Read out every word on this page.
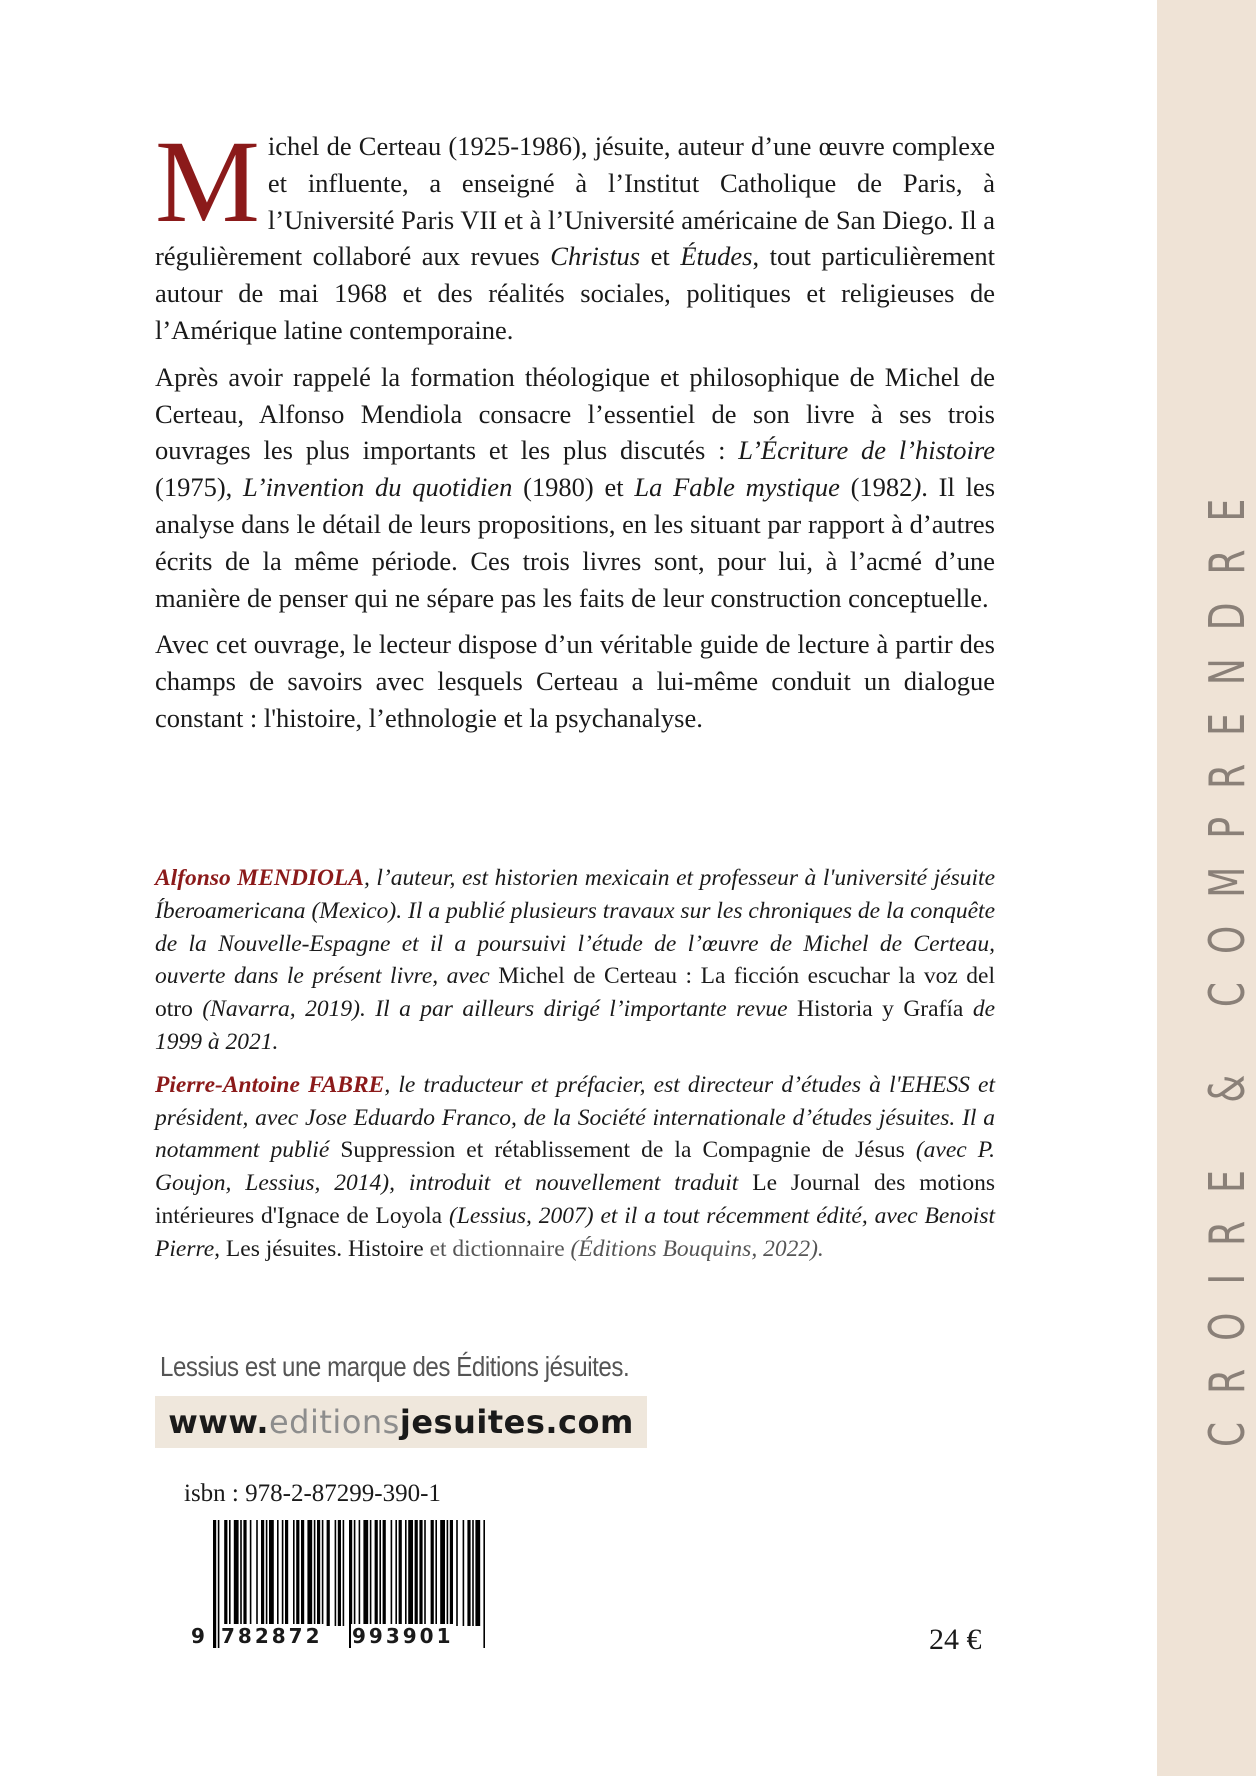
Michel de Certeau (1925-1986), jésuite, auteur d’une œuvre complexe et influente, a enseigné à l’Institut Catholique de Paris, à l’Université Paris VII et à l’Université américaine de San Diego. Il a régulièrement collaboré aux revues Christus et Études, tout particulièrement autour de mai 1968 et des réalités sociales, politiques et religieuses de l’Amérique latine contemporaine.

Après avoir rappelé la formation théologique et philosophique de Michel de Certeau, Alfonso Mendiola consacre l’essentiel de son livre à ses trois ouvrages les plus importants et les plus discutés : L’Écriture de l’histoire (1975), L’invention du quotidien (1980) et La Fable mystique (1982). Il les analyse dans le détail de leurs propositions, en les situant par rapport à d’autres écrits de la même période. Ces trois livres sont, pour lui, à l’acmé d’une manière de penser qui ne sépare pas les faits de leur construction conceptuelle.

Avec cet ouvrage, le lecteur dispose d’un véritable guide de lecture à partir des champs de savoirs avec lesquels Certeau a lui-même conduit un dialogue constant : l'histoire, l’ethnologie et la psychanalyse.

Alfonso MENDIOLA, l’auteur, est historien mexicain et professeur à l'université jésuite Íberoamericana (Mexico). Il a publié plusieurs travaux sur les chroniques de la conquête de la Nouvelle-Espagne et il a poursuivi l’étude de l’œuvre de Michel de Certeau, ouverte dans le présent livre, avec Michel de Certeau : La ficción escuchar la voz del otro (Navarra, 2019). Il a par ailleurs dirigé l’importante revue Historia y Grafía de 1999 à 2021.

Pierre-Antoine FABRE, le traducteur et préfacier, est directeur d’études à l'EHESS et président, avec Jose Eduardo Franco, de la Société internationale d’études jésuites. Il a notamment publié Suppression et rétablissement de la Compagnie de Jésus (avec P. Goujon, Lessius, 2014), introduit et nouvellement traduit Le Journal des motions intérieures d'Ignace de Loyola (Lessius, 2007) et il a tout récemment édité, avec Benoist Pierre, Les jésuites. Histoire et dictionnaire (Éditions Bouquins, 2022).

Lessius est une marque des Éditions jésuites.
www.editionsjesuites.com
isbn : 978-2-87299-390-1
9 782872 993901	24 €
CROIRE & COMPRENDRE
